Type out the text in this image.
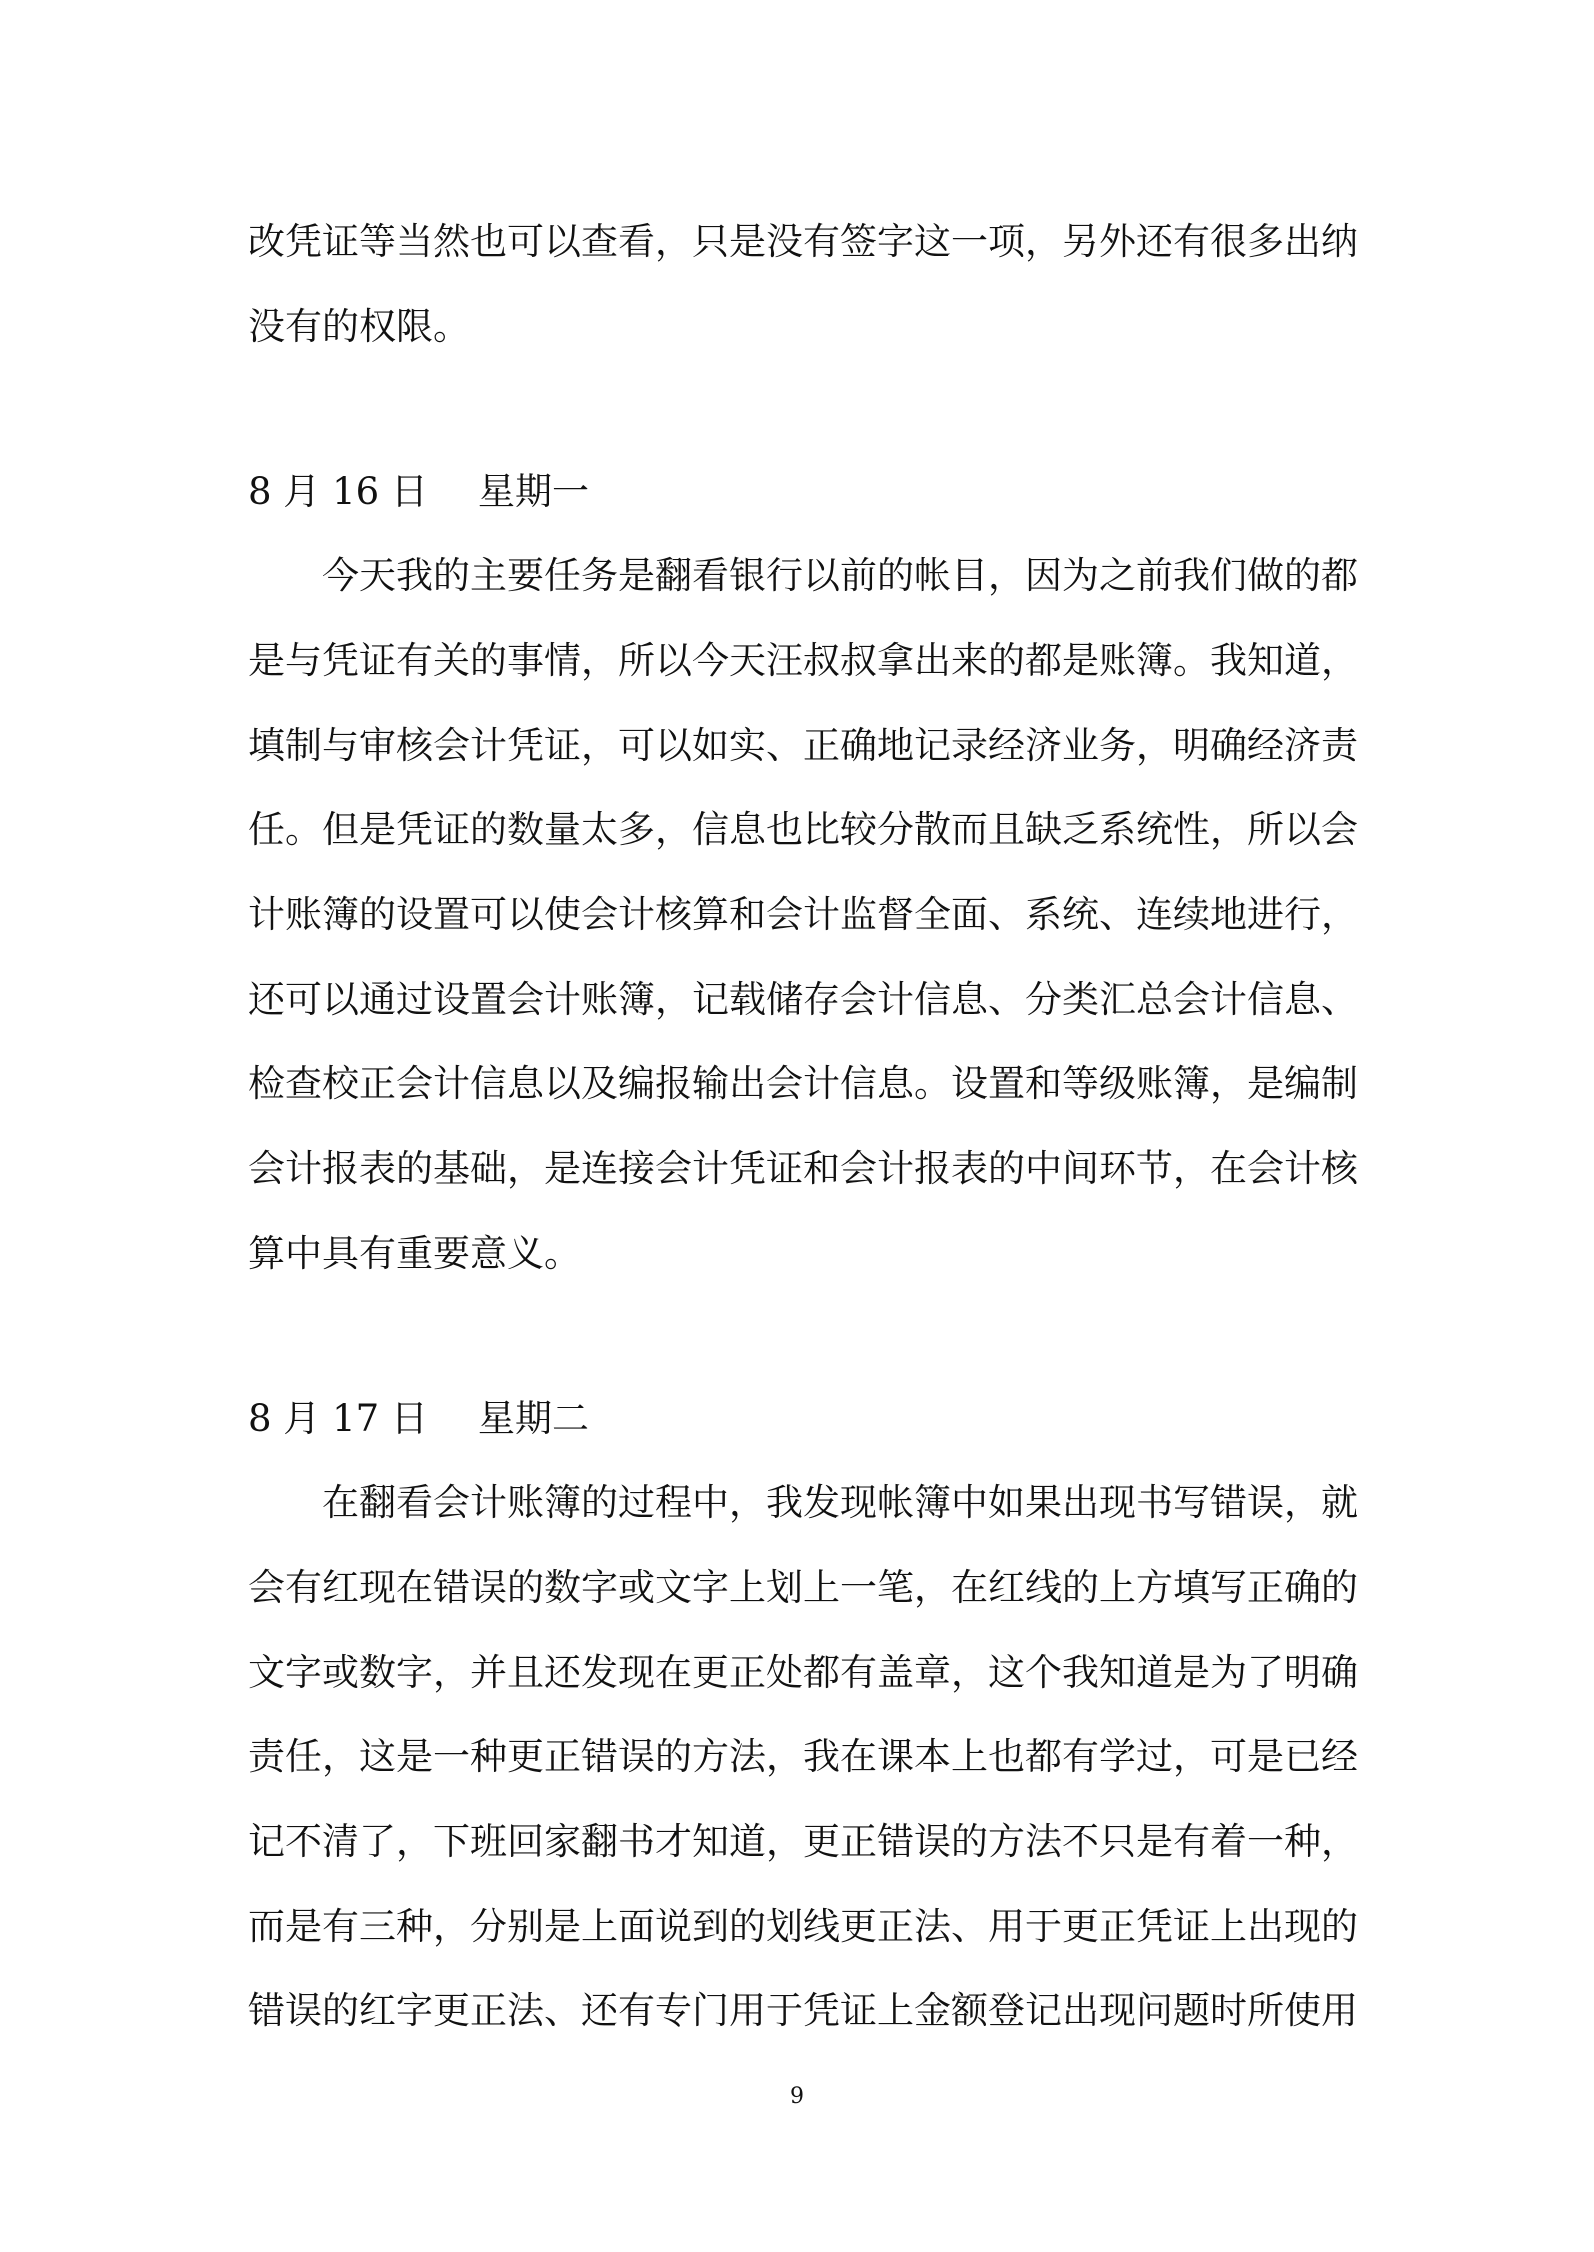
改凭证等当然也可以查看，只是没有签字这一项，另外还有很多出纳
没有的权限。
8 月 16 日 星期一
今天我的主要任务是翻看银行以前的帐目，因为之前我们做的都
是与凭证有关的事情，所以今天汪叔叔拿出来的都是账簿。我知道，
填制与审核会计凭证，可以如实、正确地记录经济业务，明确经济责
任。但是凭证的数量太多，信息也比较分散而且缺乏系统性，所以会
计账簿的设置可以使会计核算和会计监督全面、系统、连续地进行，
还可以通过设置会计账簿，记载储存会计信息、分类汇总会计信息、
检查校正会计信息以及编报输出会计信息。设置和等级账簿，是编制
会计报表的基础，是连接会计凭证和会计报表的中间环节，在会计核
算中具有重要意义。
8 月 17 日 星期二
在翻看会计账簿的过程中，我发现帐簿中如果出现书写错误，就
会有红现在错误的数字或文字上划上一笔，在红线的上方填写正确的
文字或数字，并且还发现在更正处都有盖章，这个我知道是为了明确
责任，这是一种更正错误的方法，我在课本上也都有学过，可是已经
记不清了，下班回家翻书才知道，更正错误的方法不只是有着一种，
而是有三种，分别是上面说到的划线更正法、用于更正凭证上出现的
错误的红字更正法、还有专门用于凭证上金额登记出现问题时所使用
9
